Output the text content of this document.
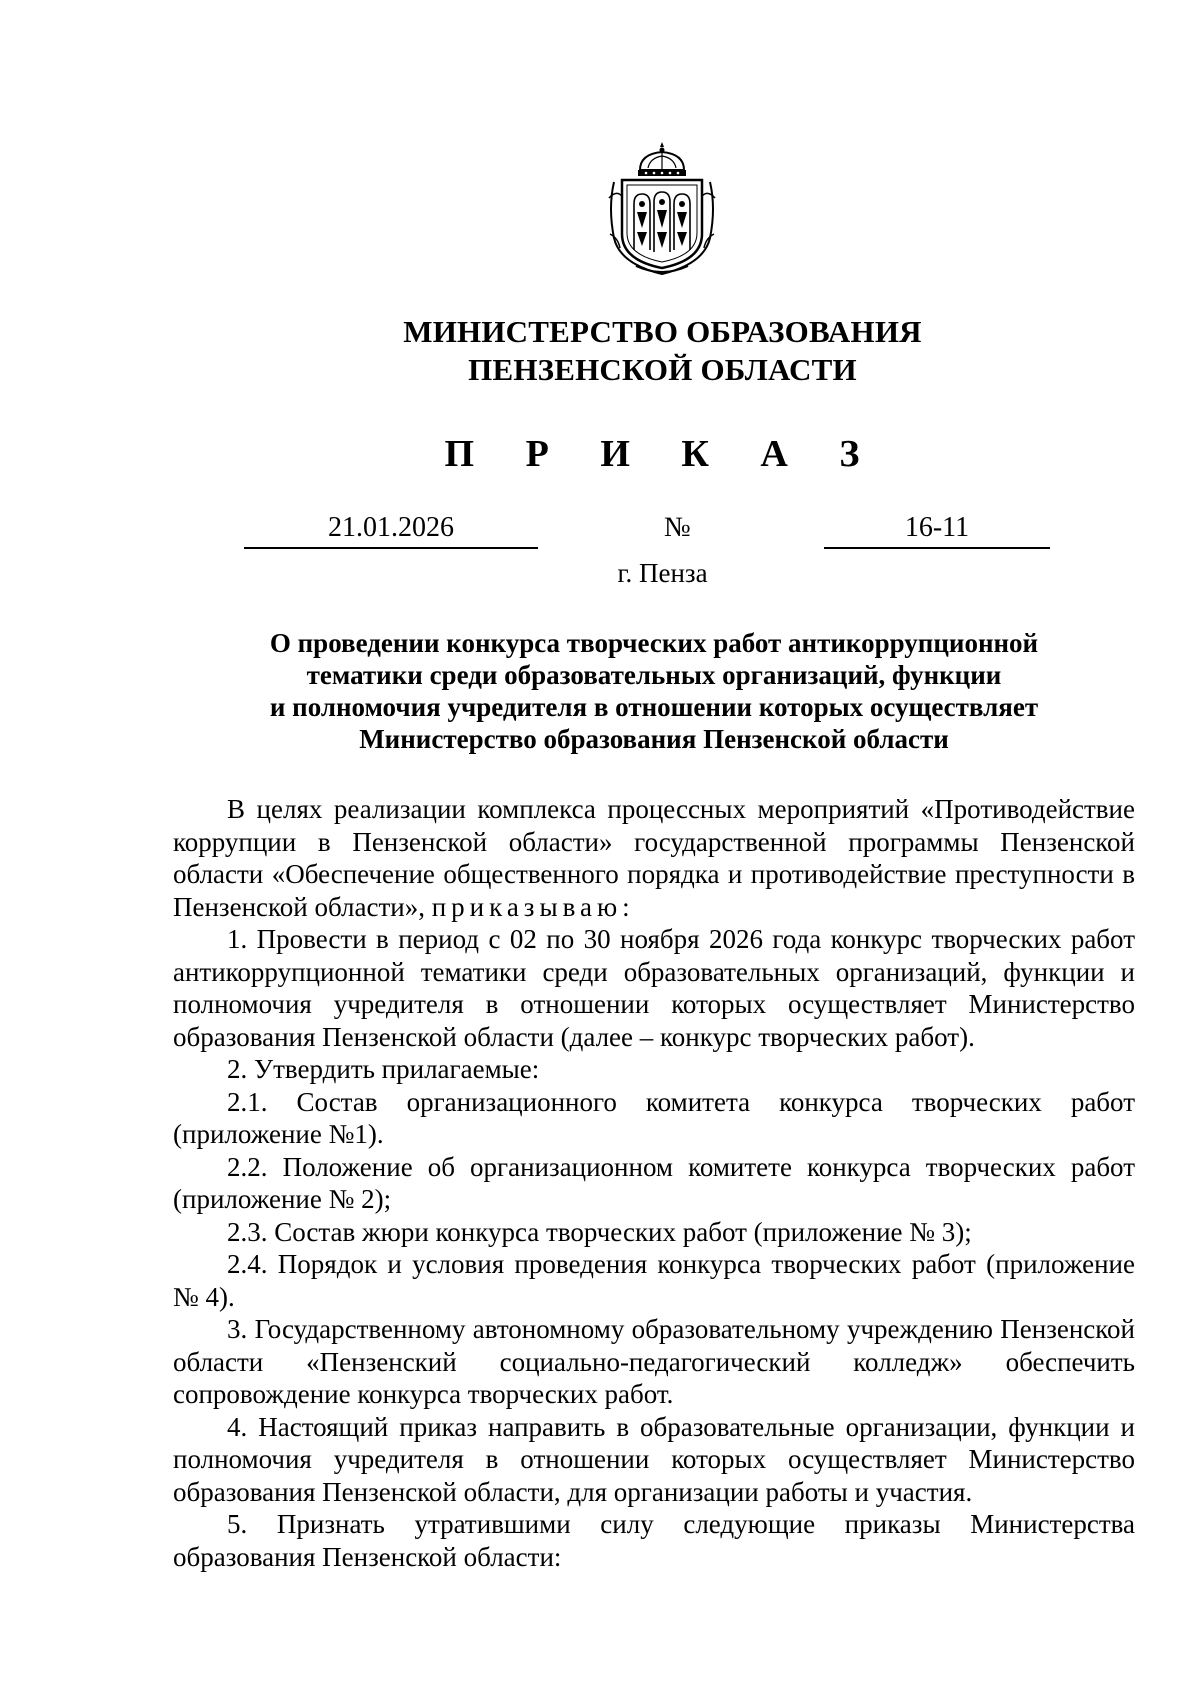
МИНИСТЕРСТВО ОБРАЗОВАНИЯ
ПЕНЗЕНСКОЙ ОБЛАСТИ
П Р И К А З
21.01.2026	№	16-11
г. Пенза
О проведении конкурса творческих работ антикоррупционной
тематики среди образовательных организаций, функции
и полномочия учредителя в отношении которых осуществляет
Министерство образования Пензенской области

В целях реализации комплекса процессных мероприятий «Противодействие коррупции в Пензенской области» государственной программы Пензенской области «Обеспечение общественного порядка и противодействие преступности в Пензенской области», приказываю:

1. Провести в период с 02 по 30 ноября 2026 года конкурс творческих работ антикоррупционной тематики среди образовательных организаций, функции и полномочия учредителя в отношении которых осуществляет Министерство образования Пензенской области (далее – конкурс творческих работ).

2. Утвердить прилагаемые:

2.1. Состав организационного комитета конкурса творческих работ (приложение №1).

2.2. Положение об организационном комитете конкурса творческих работ (приложение № 2);

2.3. Состав жюри конкурса творческих работ (приложение № 3);

2.4. Порядок и условия проведения конкурса творческих работ (приложение № 4).

3. Государственному автономному образовательному учреждению Пензенской области «Пензенский социально-педагогический колледж» обеспечить сопровождение конкурса творческих работ.

4. Настоящий приказ направить в образовательные организации, функции и полномочия учредителя в отношении которых осуществляет Министерство образования Пензенской области, для организации работы и участия.

5. Признать утратившими силу следующие приказы Министерства образования Пензенской области:
